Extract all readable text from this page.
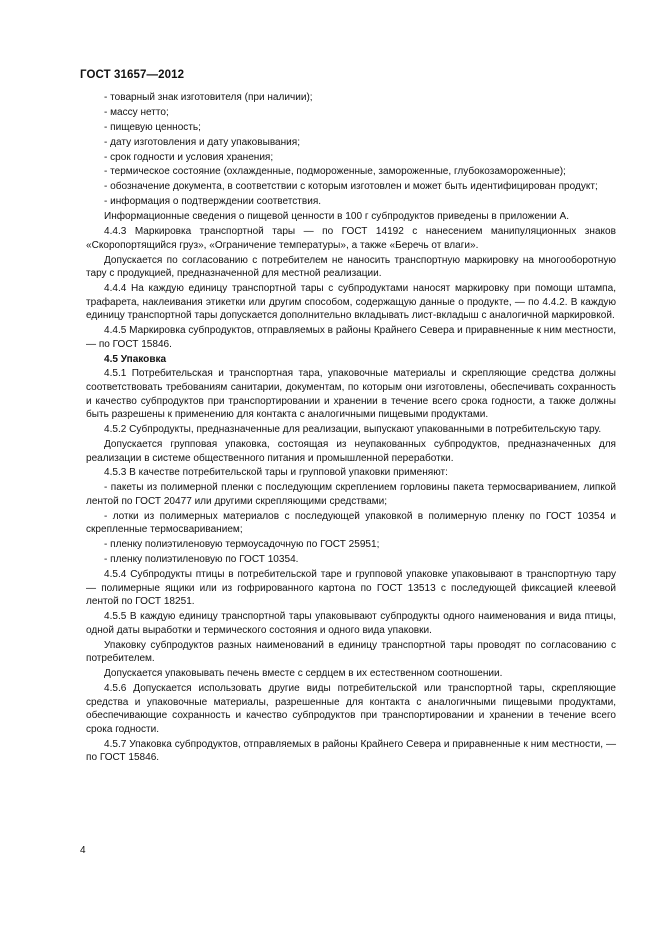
ГОСТ 31657—2012

- товарный знак изготовителя (при наличии);

- массу нетто;

- пищевую ценность;

- дату изготовления и дату упаковывания;

- срок годности и условия хранения;

- термическое состояние (охлажденные, подмороженные, замороженные, глубокозамороженные);

- обозначение документа, в соответствии с которым изготовлен и может быть идентифицирован продукт;

- информация о подтверждении соответствия.

Информационные сведения о пищевой ценности в 100 г субпродуктов приведены в приложении А.

4.4.3 Маркировка транспортной тары — по ГОСТ 14192 с нанесением манипуляционных знаков «Скоропортящийся груз», «Ограничение температуры», а также «Беречь от влаги».

Допускается по согласованию с потребителем не наносить транспортную маркировку на многооборотную тару с продукцией, предназначенной для местной реализации.

4.4.4 На каждую единицу транспортной тары с субпродуктами наносят маркировку при помощи штампа, трафарета, наклеивания этикетки или другим способом, содержащую данные о продукте, — по 4.4.2. В каждую единицу транспортной тары допускается дополнительно вкладывать лист-вкладыш с аналогичной маркировкой.

4.4.5 Маркировка субпродуктов, отправляемых в районы Крайнего Севера и приравненные к ним местности, — по ГОСТ 15846.

4.5 Упаковка

4.5.1 Потребительская и транспортная тара, упаковочные материалы и скрепляющие средства должны соответствовать требованиям санитарии, документам, по которым они изготовлены, обеспечивать сохранность и качество субпродуктов при транспортировании и хранении в течение всего срока годности, а также должны быть разрешены к применению для контакта с аналогичными пищевыми продуктами.

4.5.2 Субпродукты, предназначенные для реализации, выпускают упакованными в потребительскую тару.

Допускается групповая упаковка, состоящая из неупакованных субпродуктов, предназначенных для реализации в системе общественного питания и промышленной переработки.

4.5.3 В качестве потребительской тары и групповой упаковки применяют:

- пакеты из полимерной пленки с последующим скреплением горловины пакета термосвариванием, липкой лентой по ГОСТ 20477 или другими скрепляющими средствами;

- лотки из полимерных материалов с последующей упаковкой в полимерную пленку по ГОСТ 10354 и скрепленные термосвариванием;

- пленку полиэтиленовую термоусадочную по ГОСТ 25951;

- пленку полиэтиленовую по ГОСТ 10354.

4.5.4 Субпродукты птицы в потребительской таре и групповой упаковке упаковывают в транспортную тару — полимерные ящики или из гофрированного картона по ГОСТ 13513 с последующей фиксацией клеевой лентой по ГОСТ 18251.

4.5.5 В каждую единицу транспортной тары упаковывают субпродукты одного наименования и вида птицы, одной даты выработки и термического состояния и одного вида упаковки.

Упаковку субпродуктов разных наименований в единицу транспортной тары проводят по согласованию с потребителем.

Допускается упаковывать печень вместе с сердцем в их естественном соотношении.

4.5.6 Допускается использовать другие виды потребительской или транспортной тары, скрепляющие средства и упаковочные материалы, разрешенные для контакта с аналогичными пищевыми продуктами, обеспечивающие сохранность и качество субпродуктов при транспортировании и хранении в течение всего срока годности.

4.5.7 Упаковка субпродуктов, отправляемых в районы Крайнего Севера и приравненные к ним местности, — по ГОСТ 15846.

4
